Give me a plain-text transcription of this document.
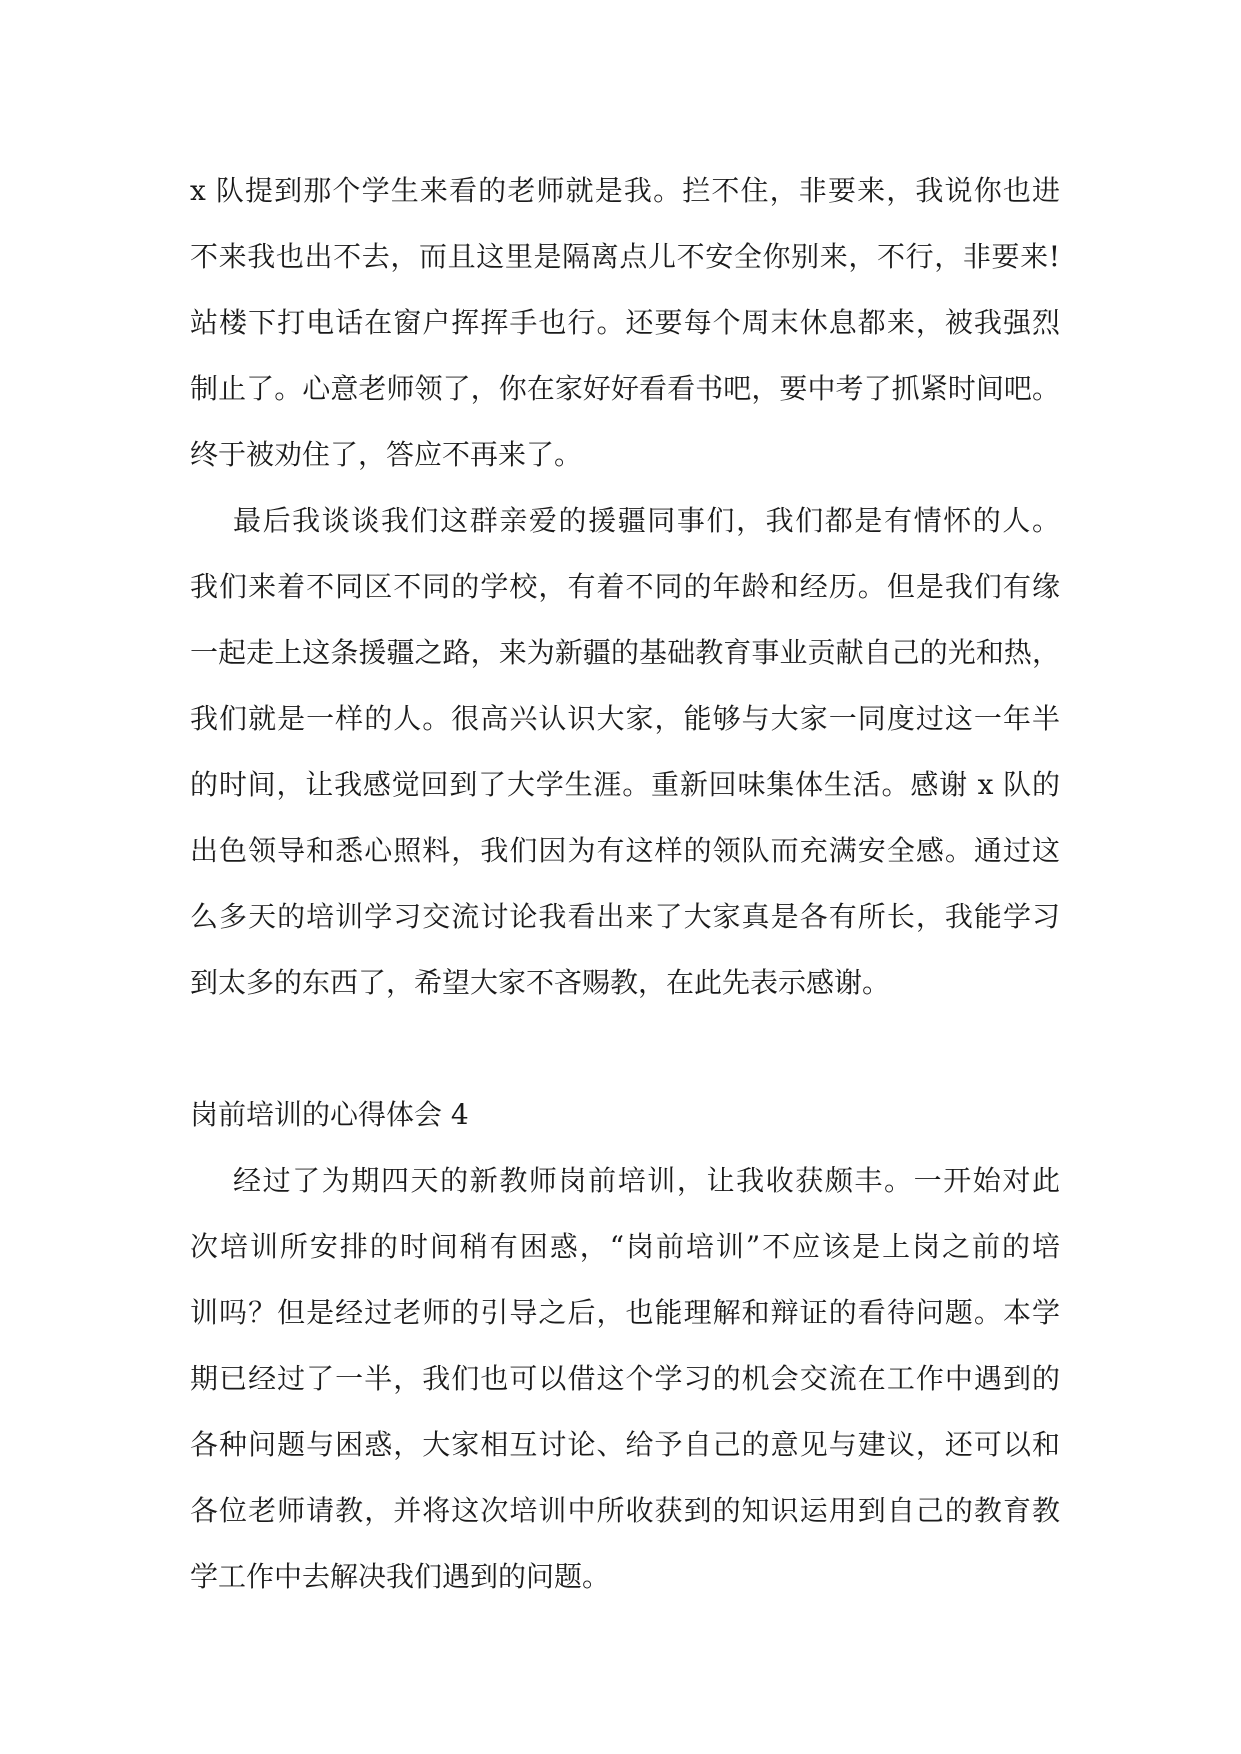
x 队提到那个学生来看的老师就是我。拦不住，非要来，我说你也进
不来我也出不去，而且这里是隔离点儿不安全你别来，不行，非要来!
站楼下打电话在窗户挥挥手也行。还要每个周末休息都来，被我强烈
制止了。心意老师领了，你在家好好看看书吧，要中考了抓紧时间吧。
终于被劝住了，答应不再来了。
最后我谈谈我们这群亲爱的援疆同事们，我们都是有情怀的人。
我们来着不同区不同的学校，有着不同的年龄和经历。但是我们有缘
一起走上这条援疆之路，来为新疆的基础教育事业贡献自己的光和热，
我们就是一样的人。很高兴认识大家，能够与大家一同度过这一年半
的时间，让我感觉回到了大学生涯。重新回味集体生活。感谢 x 队的
出色领导和悉心照料，我们因为有这样的领队而充满安全感。通过这
么多天的培训学习交流讨论我看出来了大家真是各有所长，我能学习
到太多的东西了，希望大家不吝赐教，在此先表示感谢。
岗前培训的心得体会 4
经过了为期四天的新教师岗前培训，让我收获颇丰。一开始对此
次培训所安排的时间稍有困惑，“岗前培训”不应该是上岗之前的培
训吗？但是经过老师的引导之后，也能理解和辩证的看待问题。本学
期已经过了一半，我们也可以借这个学习的机会交流在工作中遇到的
各种问题与困惑，大家相互讨论、给予自己的意见与建议，还可以和
各位老师请教，并将这次培训中所收获到的知识运用到自己的教育教
学工作中去解决我们遇到的问题。
